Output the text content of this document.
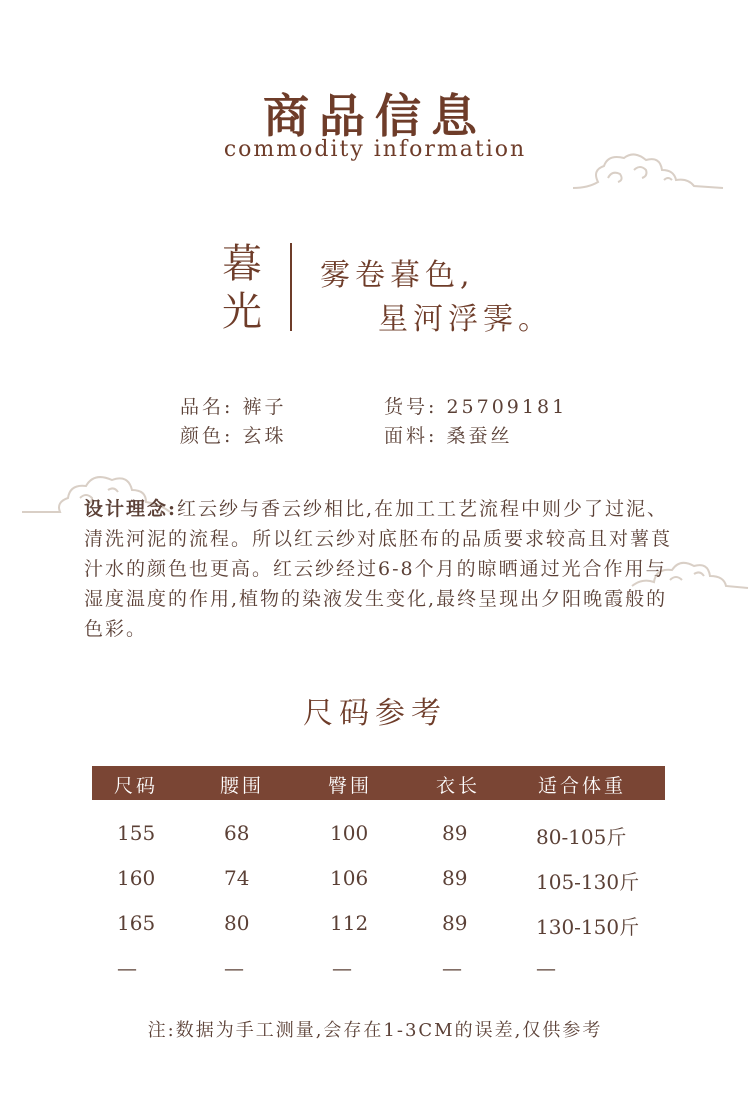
商品信息
commodity information
暮
光
雾卷暮色,
星河浮霁。
品名: 裤子	货号: 25709181
颜色: 玄珠	面料: 桑蚕丝
设计理念:红云纱与香云纱相比,在加工工艺流程中则少了过泥、清洗河泥的流程。所以红云纱对底胚布的品质要求较高且对薯莨汁水的颜色也更高。红云纱经过6-8个月的晾晒通过光合作用与湿度温度的作用,植物的染液发生变化,最终呈现出夕阳晚霞般的色彩。
尺码参考
尺码	腰围	臀围	衣长	适合体重
155	68	100	89	80-105斤
160	74	106	89	105-130斤
165	80	112	89	130-150斤
—	—	—	—	—
注:数据为手工测量,会存在1-3CM的误差,仅供参考
